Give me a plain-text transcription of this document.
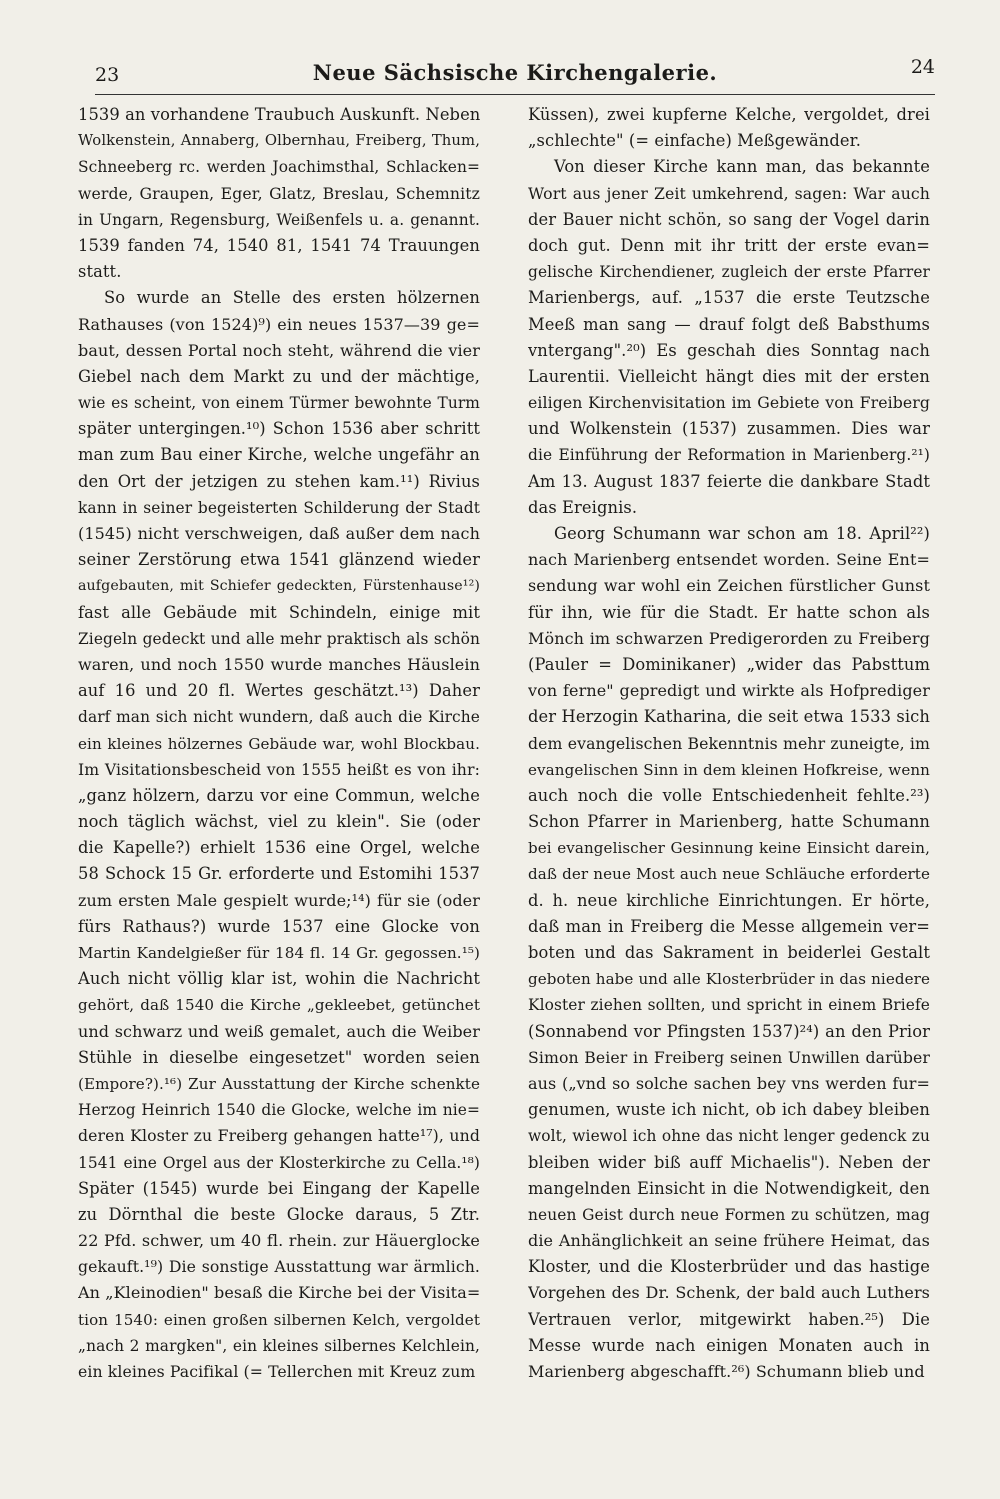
23	Neue Sächsische Kirchengalerie.	24
1539 an vorhandene Traubuch Auskunft. Neben
Wolkenstein, Annaberg, Olbernhau, Freiberg, Thum,
Schneeberg rc. werden Joachimsthal, Schlacken=
werde, Graupen, Eger, Glatz, Breslau, Schemnitz
in Ungarn, Regensburg, Weißenfels u. a. genannt.
1539 fanden 74, 1540 81, 1541 74 Trauungen
statt.
So wurde an Stelle des ersten hölzernen
Rathauses (von 1524)⁹) ein neues 1537—39 ge=
baut, dessen Portal noch steht, während die vier
Giebel nach dem Markt zu und der mächtige,
wie es scheint, von einem Türmer bewohnte Turm
später untergingen.¹⁰) Schon 1536 aber schritt
man zum Bau einer Kirche, welche ungefähr an
den Ort der jetzigen zu stehen kam.¹¹) Rivius
kann in seiner begeisterten Schilderung der Stadt
(1545) nicht verschweigen, daß außer dem nach
seiner Zerstörung etwa 1541 glänzend wieder
aufgebauten, mit Schiefer gedeckten, Fürstenhause¹²)
fast alle Gebäude mit Schindeln, einige mit
Ziegeln gedeckt und alle mehr praktisch als schön
waren, und noch 1550 wurde manches Häuslein
auf 16 und 20 fl. Wertes geschätzt.¹³) Daher
darf man sich nicht wundern, daß auch die Kirche
ein kleines hölzernes Gebäude war, wohl Blockbau.
Im Visitationsbescheid von 1555 heißt es von ihr:
„ganz hölzern, darzu vor eine Commun, welche
noch täglich wächst, viel zu klein". Sie (oder
die Kapelle?) erhielt 1536 eine Orgel, welche
58 Schock 15 Gr. erforderte und Estomihi 1537
zum ersten Male gespielt wurde;¹⁴) für sie (oder
fürs Rathaus?) wurde 1537 eine Glocke von
Martin Kandelgießer für 184 fl. 14 Gr. gegossen.¹⁵)
Auch nicht völlig klar ist, wohin die Nachricht
gehört, daß 1540 die Kirche „gekleebet, getünchet
und schwarz und weiß gemalet, auch die Weiber
Stühle in dieselbe eingesetzet" worden seien
(Empore?).¹⁶) Zur Ausstattung der Kirche schenkte
Herzog Heinrich 1540 die Glocke, welche im nie=
deren Kloster zu Freiberg gehangen hatte¹⁷), und
1541 eine Orgel aus der Klosterkirche zu Cella.¹⁸)
Später (1545) wurde bei Eingang der Kapelle
zu Dörnthal die beste Glocke daraus, 5 Ztr.
22 Pfd. schwer, um 40 fl. rhein. zur Häuerglocke
gekauft.¹⁹) Die sonstige Ausstattung war ärmlich.
An „Kleinodien" besaß die Kirche bei der Visita=
tion 1540: einen großen silbernen Kelch, vergoldet
„nach 2 margken", ein kleines silbernes Kelchlein,
ein kleines Pacifikal (= Tellerchen mit Kreuz zum
Küssen), zwei kupferne Kelche, vergoldet, drei
„schlechte" (= einfache) Meßgewänder.
Von dieser Kirche kann man, das bekannte
Wort aus jener Zeit umkehrend, sagen: War auch
der Bauer nicht schön, so sang der Vogel darin
doch gut. Denn mit ihr tritt der erste evan=
gelische Kirchendiener, zugleich der erste Pfarrer
Marienbergs, auf. „1537 die erste Teutzsche
Meeß man sang — drauf folgt deß Babsthums
vntergang".²⁰) Es geschah dies Sonntag nach
Laurentii. Vielleicht hängt dies mit der ersten
eiligen Kirchenvisitation im Gebiete von Freiberg
und Wolkenstein (1537) zusammen. Dies war
die Einführung der Reformation in Marienberg.²¹)
Am 13. August 1837 feierte die dankbare Stadt
das Ereignis.
Georg Schumann war schon am 18. April²²)
nach Marienberg entsendet worden. Seine Ent=
sendung war wohl ein Zeichen fürstlicher Gunst
für ihn, wie für die Stadt. Er hatte schon als
Mönch im schwarzen Predigerorden zu Freiberg
(Pauler = Dominikaner) „wider das Pabsttum
von ferne" gepredigt und wirkte als Hofprediger
der Herzogin Katharina, die seit etwa 1533 sich
dem evangelischen Bekenntnis mehr zuneigte, im
evangelischen Sinn in dem kleinen Hofkreise, wenn
auch noch die volle Entschiedenheit fehlte.²³)
Schon Pfarrer in Marienberg, hatte Schumann
bei evangelischer Gesinnung keine Einsicht darein,
daß der neue Most auch neue Schläuche erforderte
d. h. neue kirchliche Einrichtungen. Er hörte,
daß man in Freiberg die Messe allgemein ver=
boten und das Sakrament in beiderlei Gestalt
geboten habe und alle Klosterbrüder in das niedere
Kloster ziehen sollten, und spricht in einem Briefe
(Sonnabend vor Pfingsten 1537)²⁴) an den Prior
Simon Beier in Freiberg seinen Unwillen darüber
aus („vnd so solche sachen bey vns werden fur=
genumen, wuste ich nicht, ob ich dabey bleiben
wolt, wiewol ich ohne das nicht lenger gedenck zu
bleiben wider biß auff Michaelis"). Neben der
mangelnden Einsicht in die Notwendigkeit, den
neuen Geist durch neue Formen zu schützen, mag
die Anhänglichkeit an seine frühere Heimat, das
Kloster, und die Klosterbrüder und das hastige
Vorgehen des Dr. Schenk, der bald auch Luthers
Vertrauen verlor, mitgewirkt haben.²⁵) Die
Messe wurde nach einigen Monaten auch in
Marienberg abgeschafft.²⁶) Schumann blieb und
